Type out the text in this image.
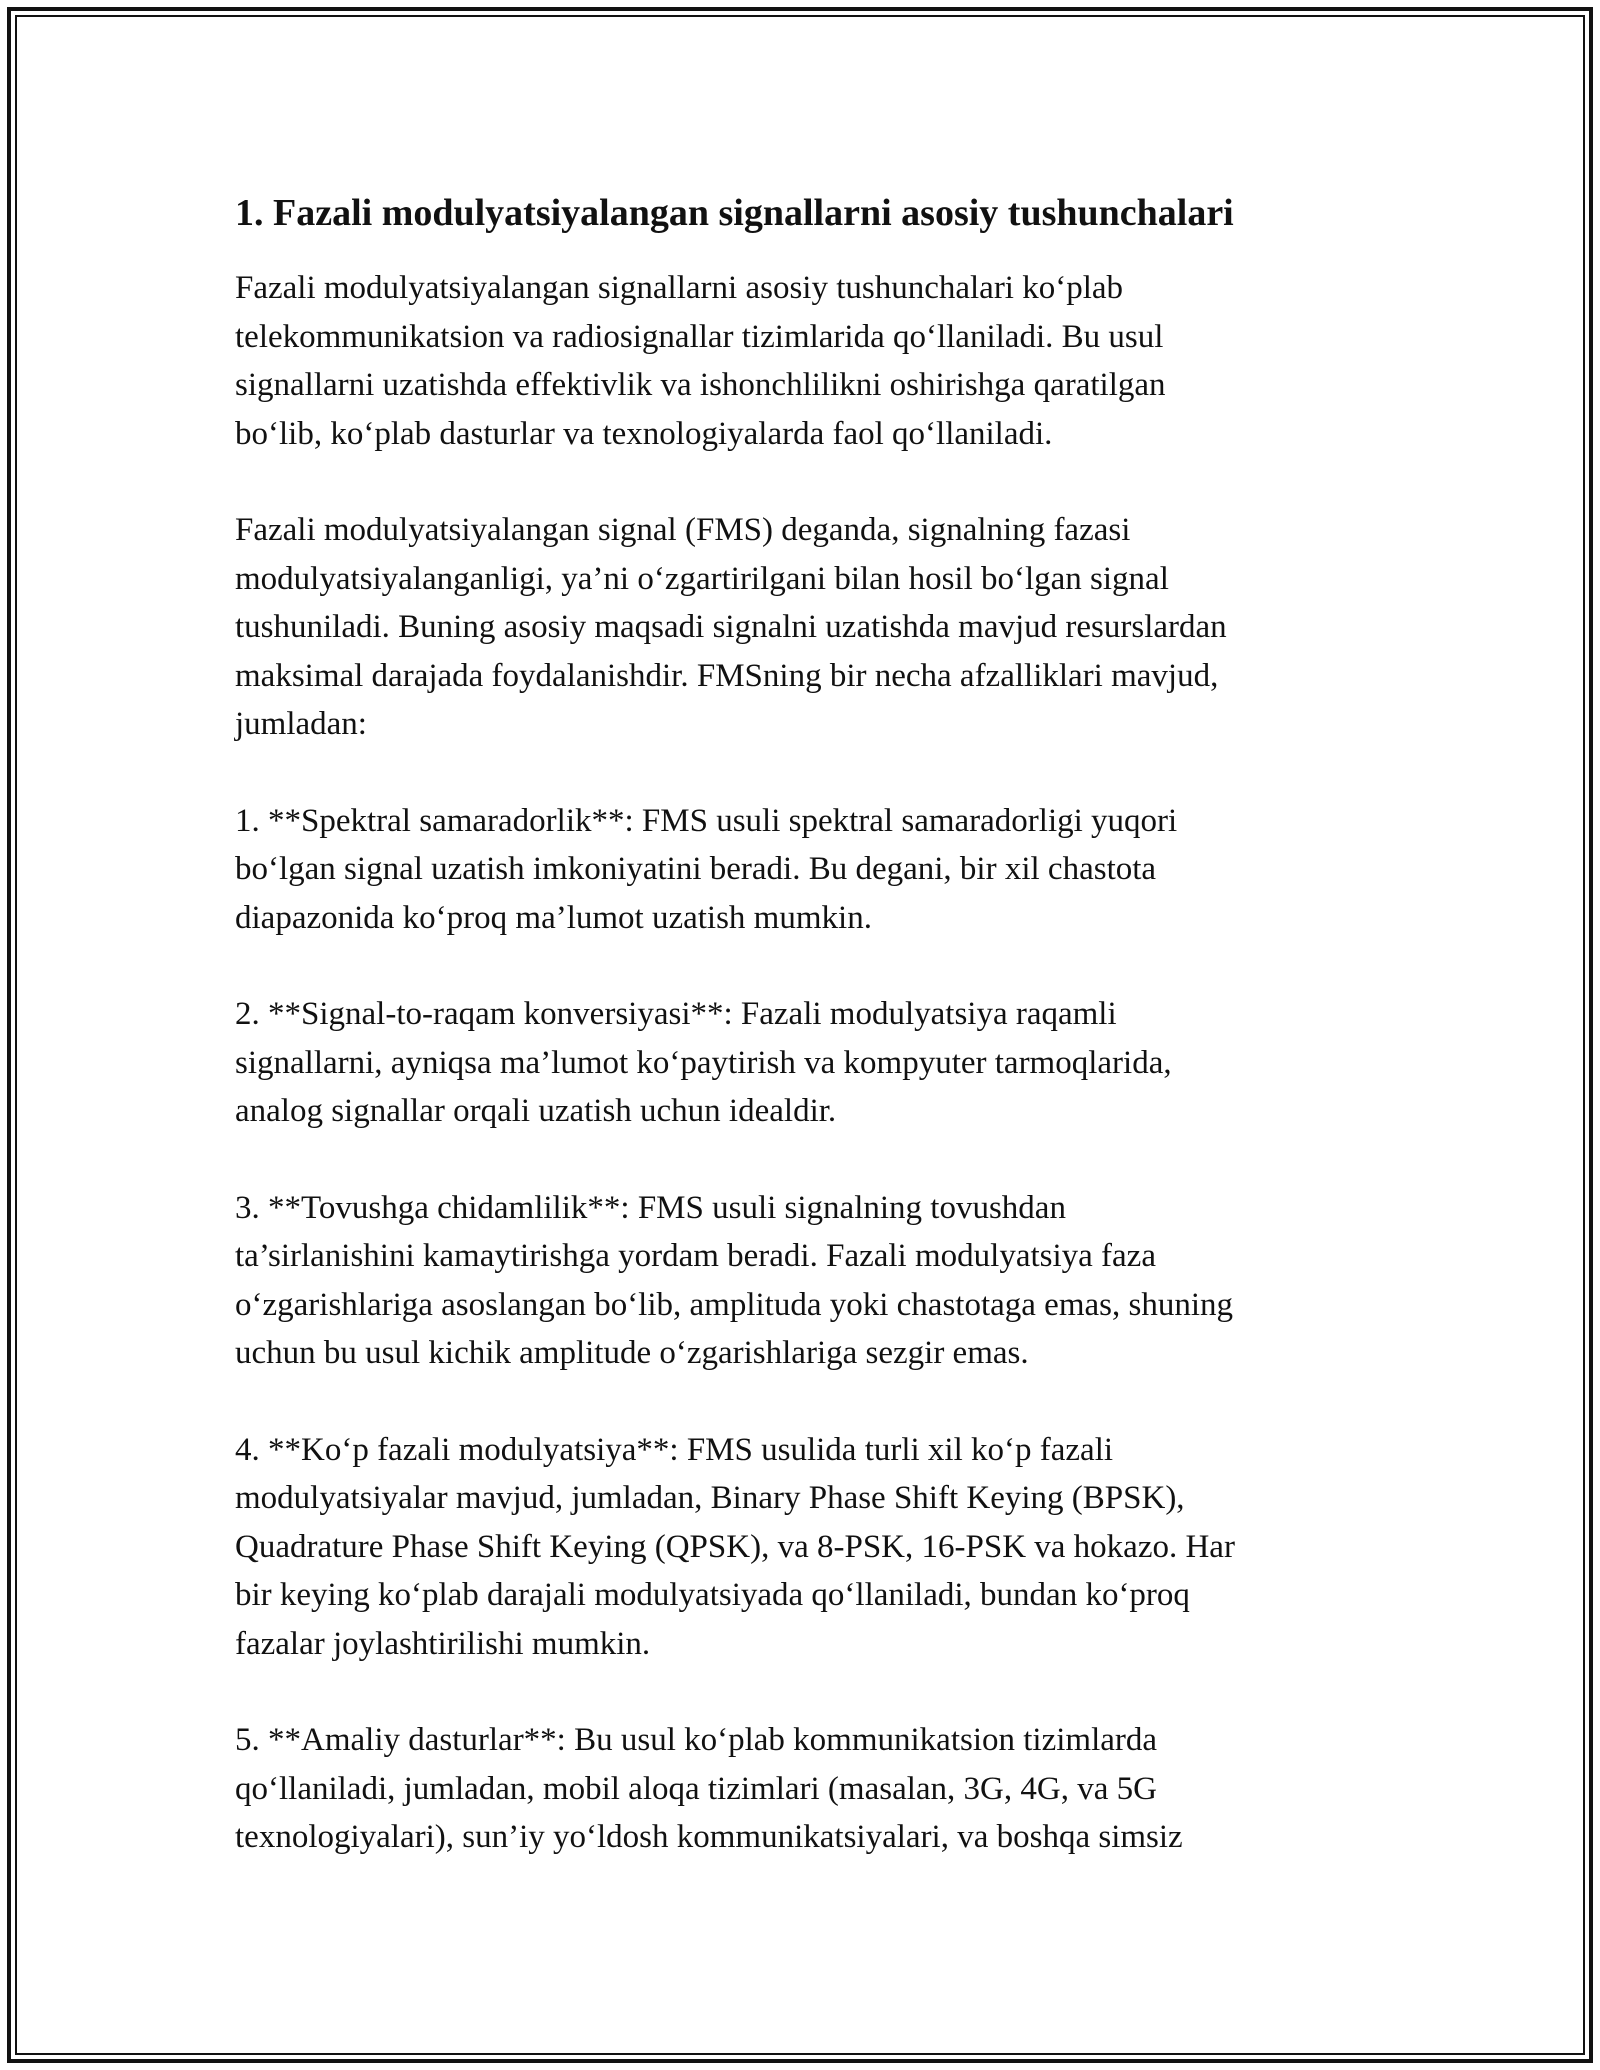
1. Fazali modulyatsiyalangan signallarni asosiy tushunchalari

Fazali modulyatsiyalangan signallarni asosiy tushunchalari koʻplab
telekommunikatsion va radiosignallar tizimlarida qoʻllaniladi. Bu usul
signallarni uzatishda effektivlik va ishonchlilikni oshirishga qaratilgan
boʻlib, koʻplab dasturlar va texnologiyalarda faol qoʻllaniladi.

Fazali modulyatsiyalangan signal (FMS) deganda, signalning fazasi
modulyatsiyalanganligi, ya’ni oʻzgartirilgani bilan hosil boʻlgan signal
tushuniladi. Buning asosiy maqsadi signalni uzatishda mavjud resurslardan
maksimal darajada foydalanishdir. FMSning bir necha afzalliklari mavjud,
jumladan:

1. **Spektral samaradorlik**: FMS usuli spektral samaradorligi yuqori
boʻlgan signal uzatish imkoniyatini beradi. Bu degani, bir xil chastota
diapazonida koʻproq ma’lumot uzatish mumkin.

2. **Signal-to-raqam konversiyasi**: Fazali modulyatsiya raqamli
signallarni, ayniqsa ma’lumot koʻpaytirish va kompyuter tarmoqlarida,
analog signallar orqali uzatish uchun idealdir.

3. **Tovushga chidamlilik**: FMS usuli signalning tovushdan
ta’sirlanishini kamaytirishga yordam beradi. Fazali modulyatsiya faza
oʻzgarishlariga asoslangan boʻlib, amplituda yoki chastotaga emas, shuning
uchun bu usul kichik amplitude oʻzgarishlariga sezgir emas.

4. **Koʻp fazali modulyatsiya**: FMS usulida turli xil koʻp fazali
modulyatsiyalar mavjud, jumladan, Binary Phase Shift Keying (BPSK),
Quadrature Phase Shift Keying (QPSK), va 8-PSK, 16-PSK va hokazo. Har
bir keying koʻplab darajali modulyatsiyada qoʻllaniladi, bundan koʻproq
fazalar joylashtirilishi mumkin.

5. **Amaliy dasturlar**: Bu usul koʻplab kommunikatsion tizimlarda
qoʻllaniladi, jumladan, mobil aloqa tizimlari (masalan, 3G, 4G, va 5G
texnologiyalari), sun’iy yoʻldosh kommunikatsiyalari, va boshqa simsiz
